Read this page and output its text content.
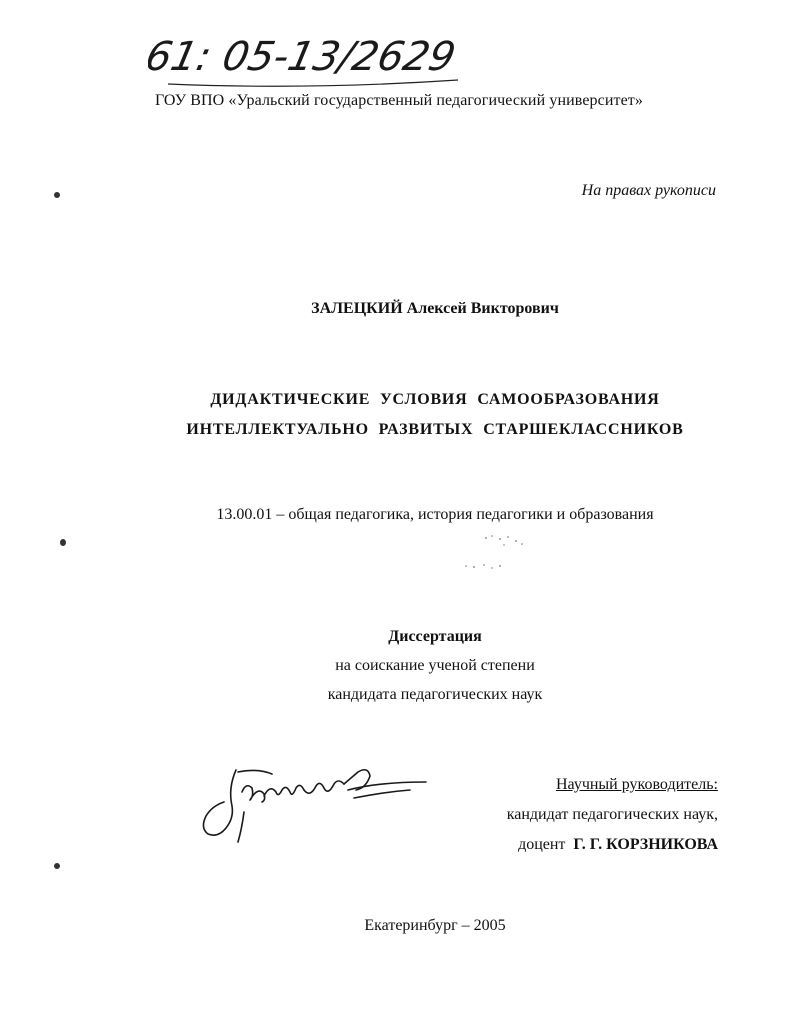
61: 05-13/2629
ГОУ ВПО «Уральский государственный педагогический университет»
На правах рукописи
ЗАЛЕЦКИЙ Алексей Викторович
ДИДАКТИЧЕСКИЕ УСЛОВИЯ САМООБРАЗОВАНИЯ
ИНТЕЛЛЕКТУАЛЬНО РАЗВИТЫХ СТАРШЕКЛАССНИКОВ
13.00.01 – общая педагогика, история педагогики и образования
Диссертация
на соискание ученой степени
кандидата педагогических наук
Научный руководитель:
кандидат педагогических наук,
доцент Г. Г. КОРЗНИКОВА
Екатеринбург – 2005
